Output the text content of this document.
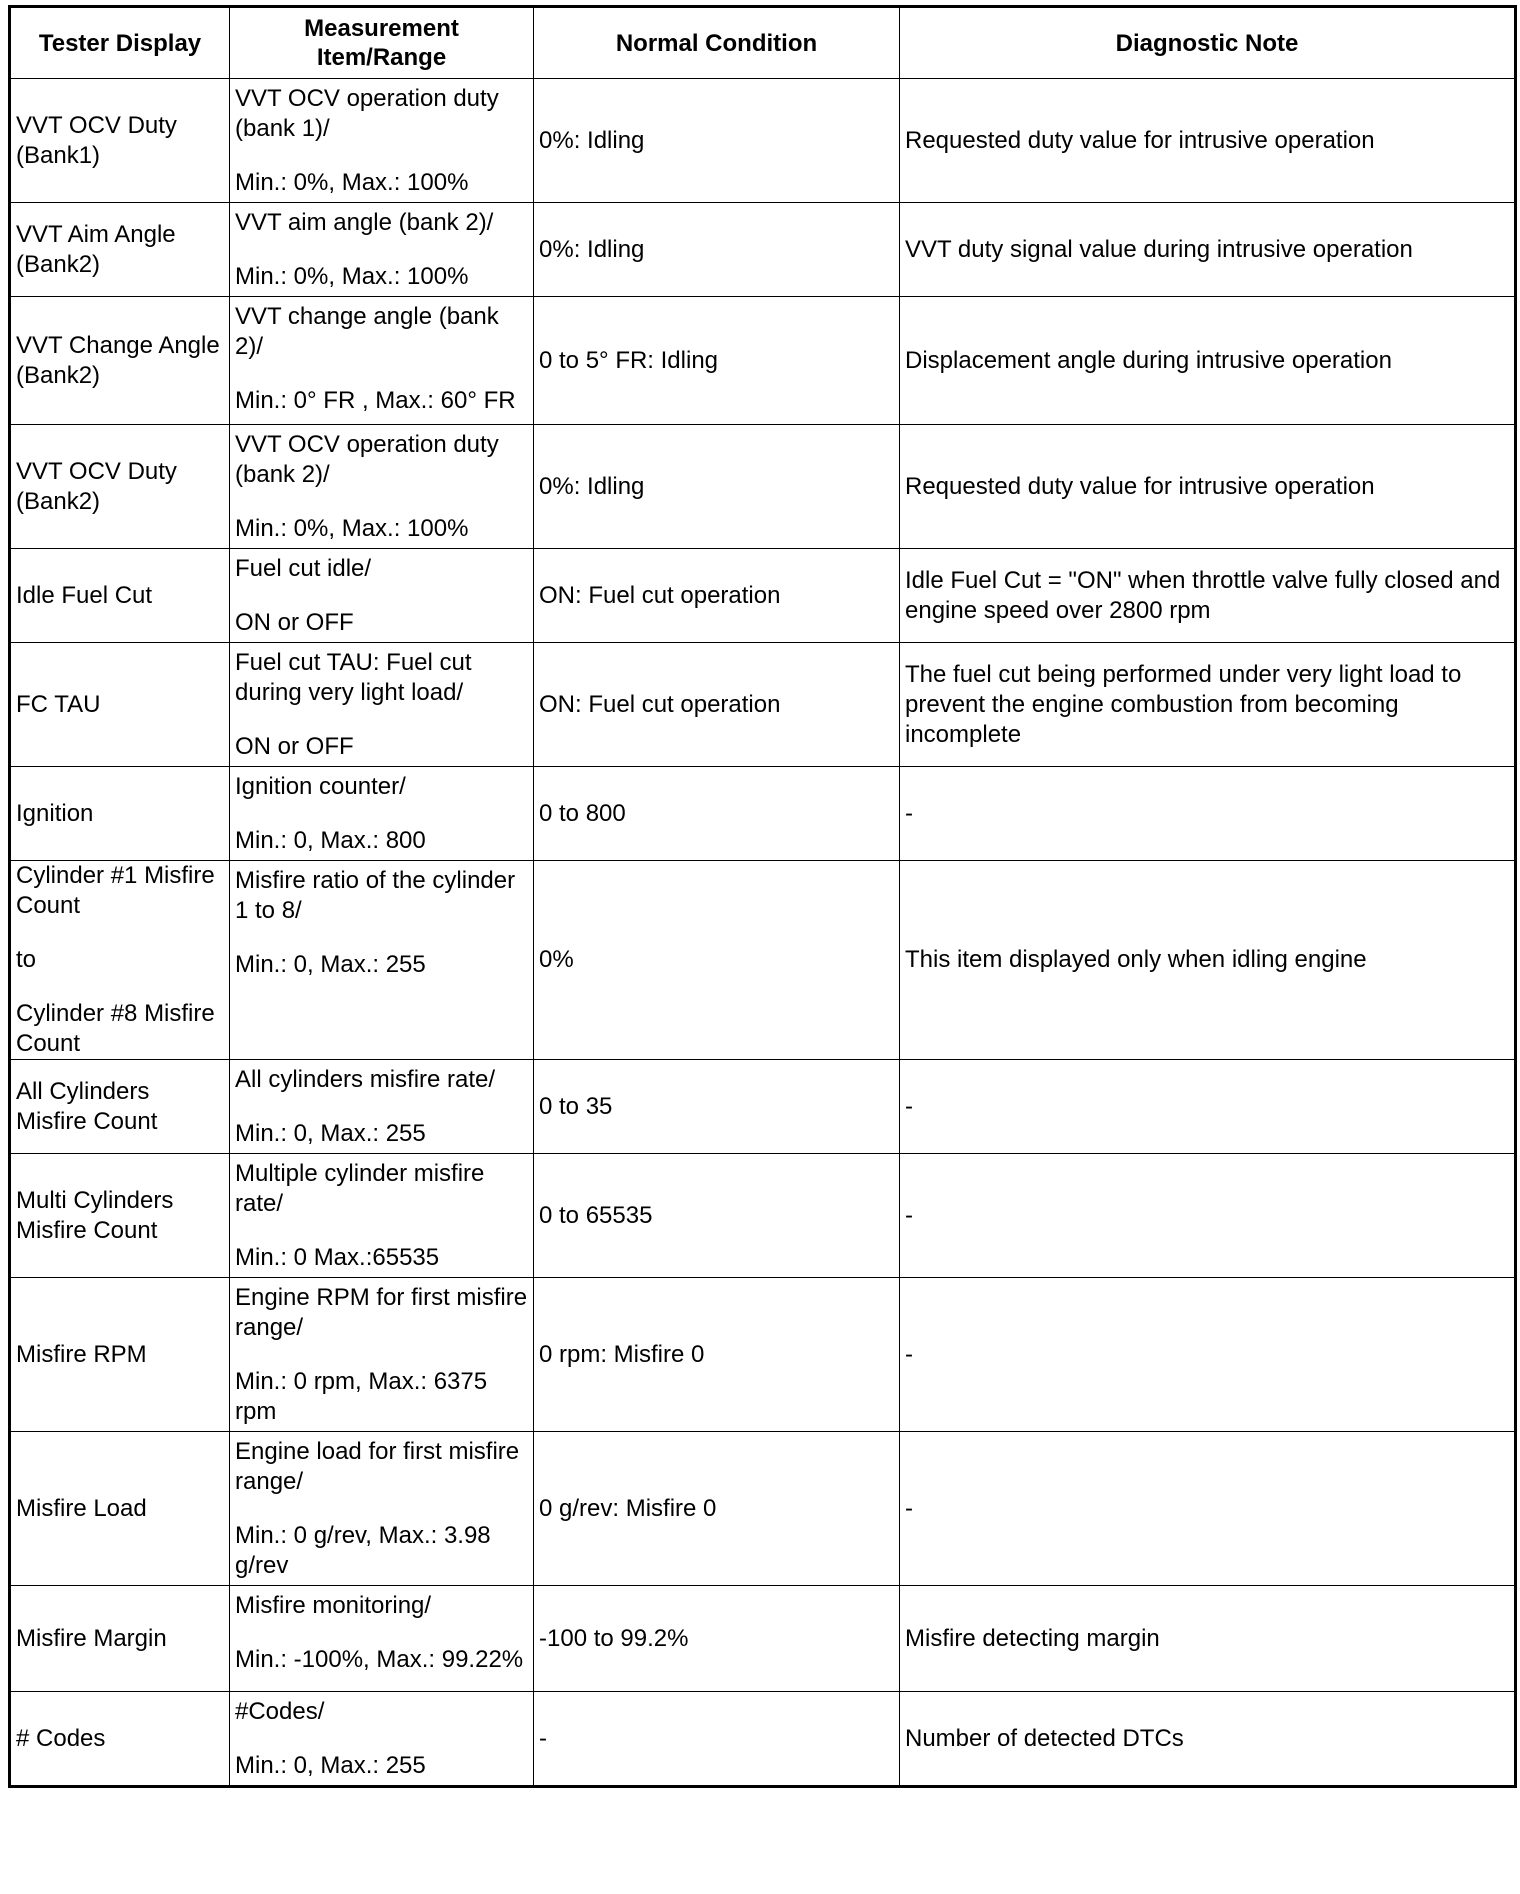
Tester Display	Measurement Item/Range	Normal Condition	Diagnostic Note

VVT OCV Duty (Bank1)	VVT OCV operation duty (bank 1)/
Min.: 0%, Max.: 100%	0%: Idling	Requested duty value for intrusive operation

VVT Aim Angle (Bank2)	VVT aim angle (bank 2)/
Min.: 0%, Max.: 100%	0%: Idling	VVT duty signal value during intrusive operation

VVT Change Angle (Bank2)	VVT change angle (bank 2)/
Min.: 0° FR , Max.: 60° FR	0 to 5° FR: Idling	Displacement angle during intrusive operation

VVT OCV Duty (Bank2)	VVT OCV operation duty (bank 2)/
Min.: 0%, Max.: 100%	0%: Idling	Requested duty value for intrusive operation

Idle Fuel Cut	Fuel cut idle/
ON or OFF	ON: Fuel cut operation	Idle Fuel Cut = "ON" when throttle valve fully closed and engine speed over 2800 rpm

FC TAU	Fuel cut TAU: Fuel cut during very light load/
ON or OFF	ON: Fuel cut operation	The fuel cut being performed under very light load to prevent the engine combustion from becoming incomplete

Ignition	Ignition counter/
Min.: 0, Max.: 800	0 to 800	-

Cylinder #1 Misfire Count
to
Cylinder #8 Misfire Count	Misfire ratio of the cylinder 1 to 8/
Min.: 0, Max.: 255	0%	This item displayed only when idling engine

All Cylinders Misfire Count	All cylinders misfire rate/
Min.: 0, Max.: 255	0 to 35	-

Multi Cylinders Misfire Count	Multiple cylinder misfire rate/
Min.: 0 Max.:65535	0 to 65535	-

Misfire RPM	Engine RPM for first misfire range/
Min.: 0 rpm, Max.: 6375 rpm	0 rpm: Misfire 0	-

Misfire Load	Engine load for first misfire range/
Min.: 0 g/rev, Max.: 3.98 g/rev	0 g/rev: Misfire 0	-

Misfire Margin	Misfire monitoring/
Min.: -100%, Max.: 99.22%	-100 to 99.2%	Misfire detecting margin

# Codes	#Codes/
Min.: 0, Max.: 255	-	Number of detected DTCs
